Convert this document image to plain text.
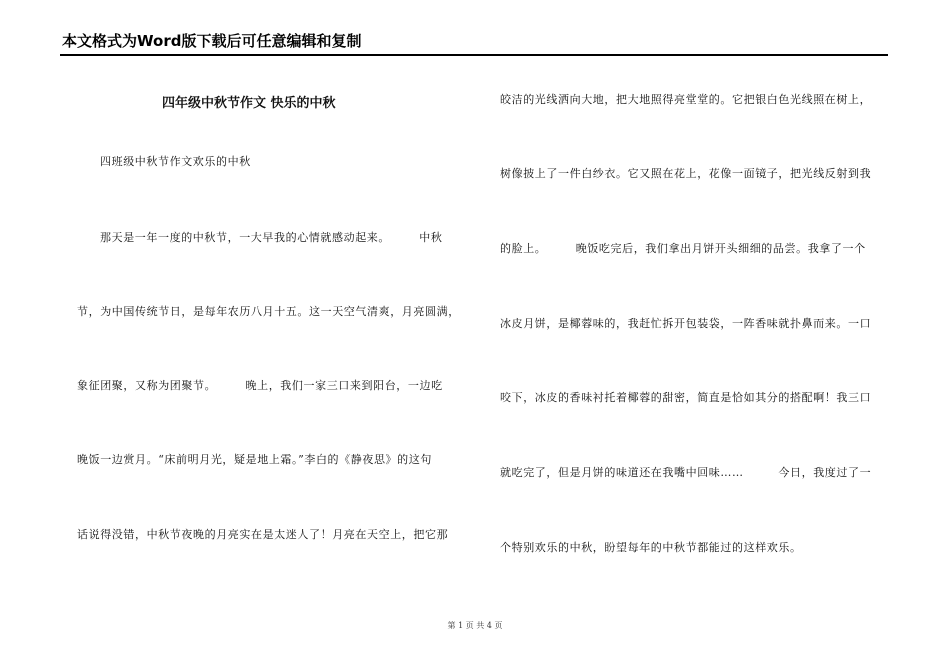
本文格式为Word版下载后可任意编辑和复制
四年级中秋节作文 快乐的中秋
四班级中秋节作文欢乐的中秋
那天是一年一度的中秋节，一大早我的心情就感动起来。　　　中秋
节，为中国传统节日，是每年农历八月十五。这一天空气清爽，月亮圆满，
象征团聚，又称为团聚节。　　　晚上，我们一家三口来到阳台，一边吃
晚饭一边赏月。“床前明月光，疑是地上霜。”李白的《静夜思》的这句
话说得没错，中秋节夜晚的月亮实在是太迷人了！月亮在天空上，把它那
皎洁的光线洒向大地，把大地照得亮堂堂的。它把银白色光线照在树上，
树像披上了一件白纱衣。它又照在花上，花像一面镜子，把光线反射到我
的脸上。　　　晚饭吃完后，我们拿出月饼开头细细的品尝。我拿了一个
冰皮月饼，是椰蓉味的，我赶忙拆开包装袋，一阵香味就扑鼻而来。一口
咬下，冰皮的香味衬托着椰蓉的甜密，简直是恰如其分的搭配啊！我三口
就吃完了，但是月饼的味道还在我嘴中回味……　　　今日，我度过了一
个特别欢乐的中秋，盼望每年的中秋节都能过的这样欢乐。
第 1 页 共 4 页
